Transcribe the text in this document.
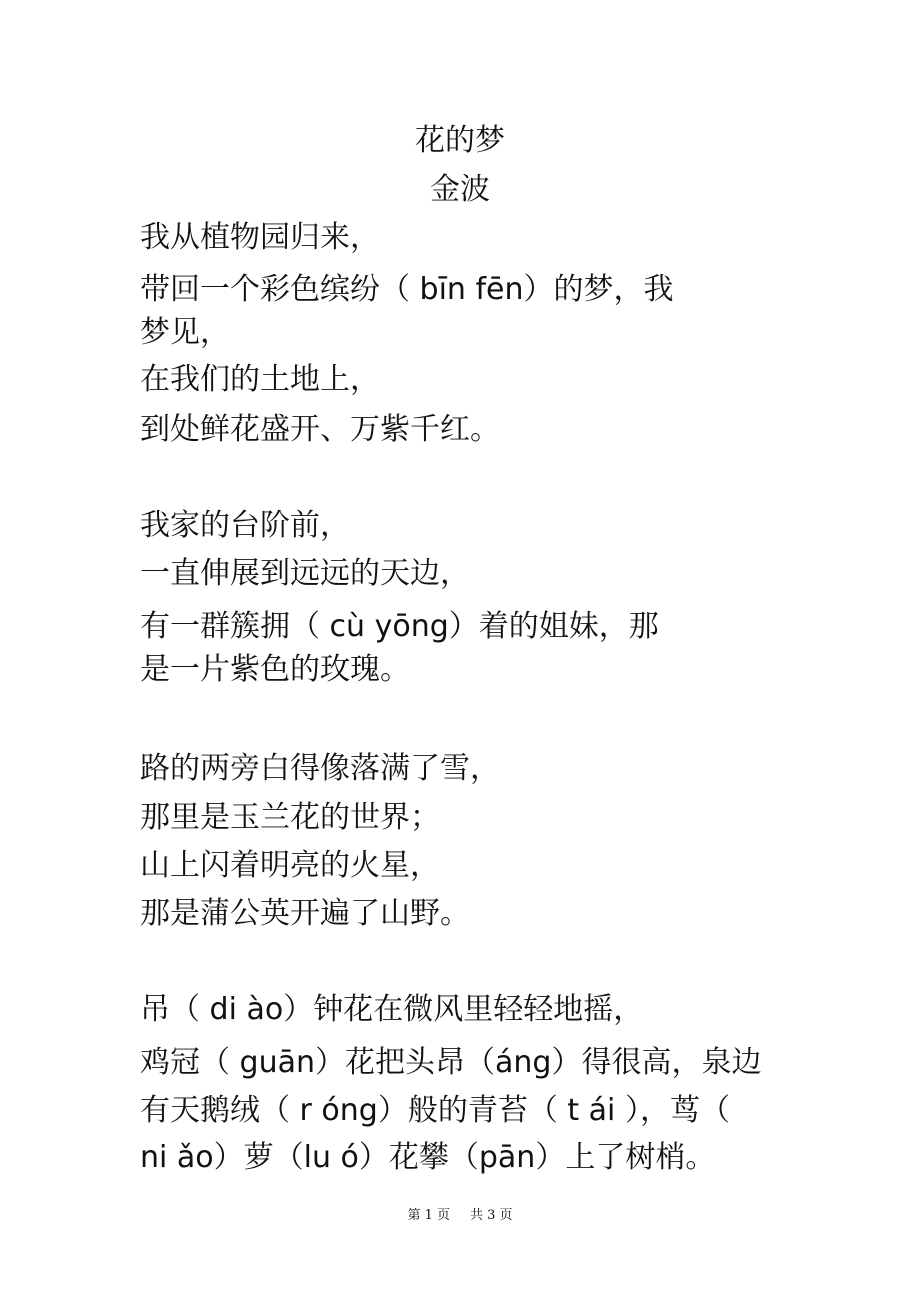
花的梦
金波

我从植物园归来，

带回一个彩色缤纷（ bīn fēn）的梦，我

梦见，

在我们的土地上，

到处鲜花盛开、万紫千红。

我家的台阶前，

一直伸展到远远的天边，

有一群簇拥（ cù yōng）着的姐妹，那

是一片紫色的玫瑰。

路的两旁白得像落满了雪，

那里是玉兰花的世界；

山上闪着明亮的火星，

那是蒲公英开遍了山野。

吊（ di ào）钟花在微风里轻轻地摇，

鸡冠（ guān）花把头昂（áng）得很高，泉边

有天鹅绒（ r óng）般的青苔（ t ái ），茑（

ni ǎo）萝（lu ó）花攀（pān）上了树梢。

第 1 页 共 3 页
